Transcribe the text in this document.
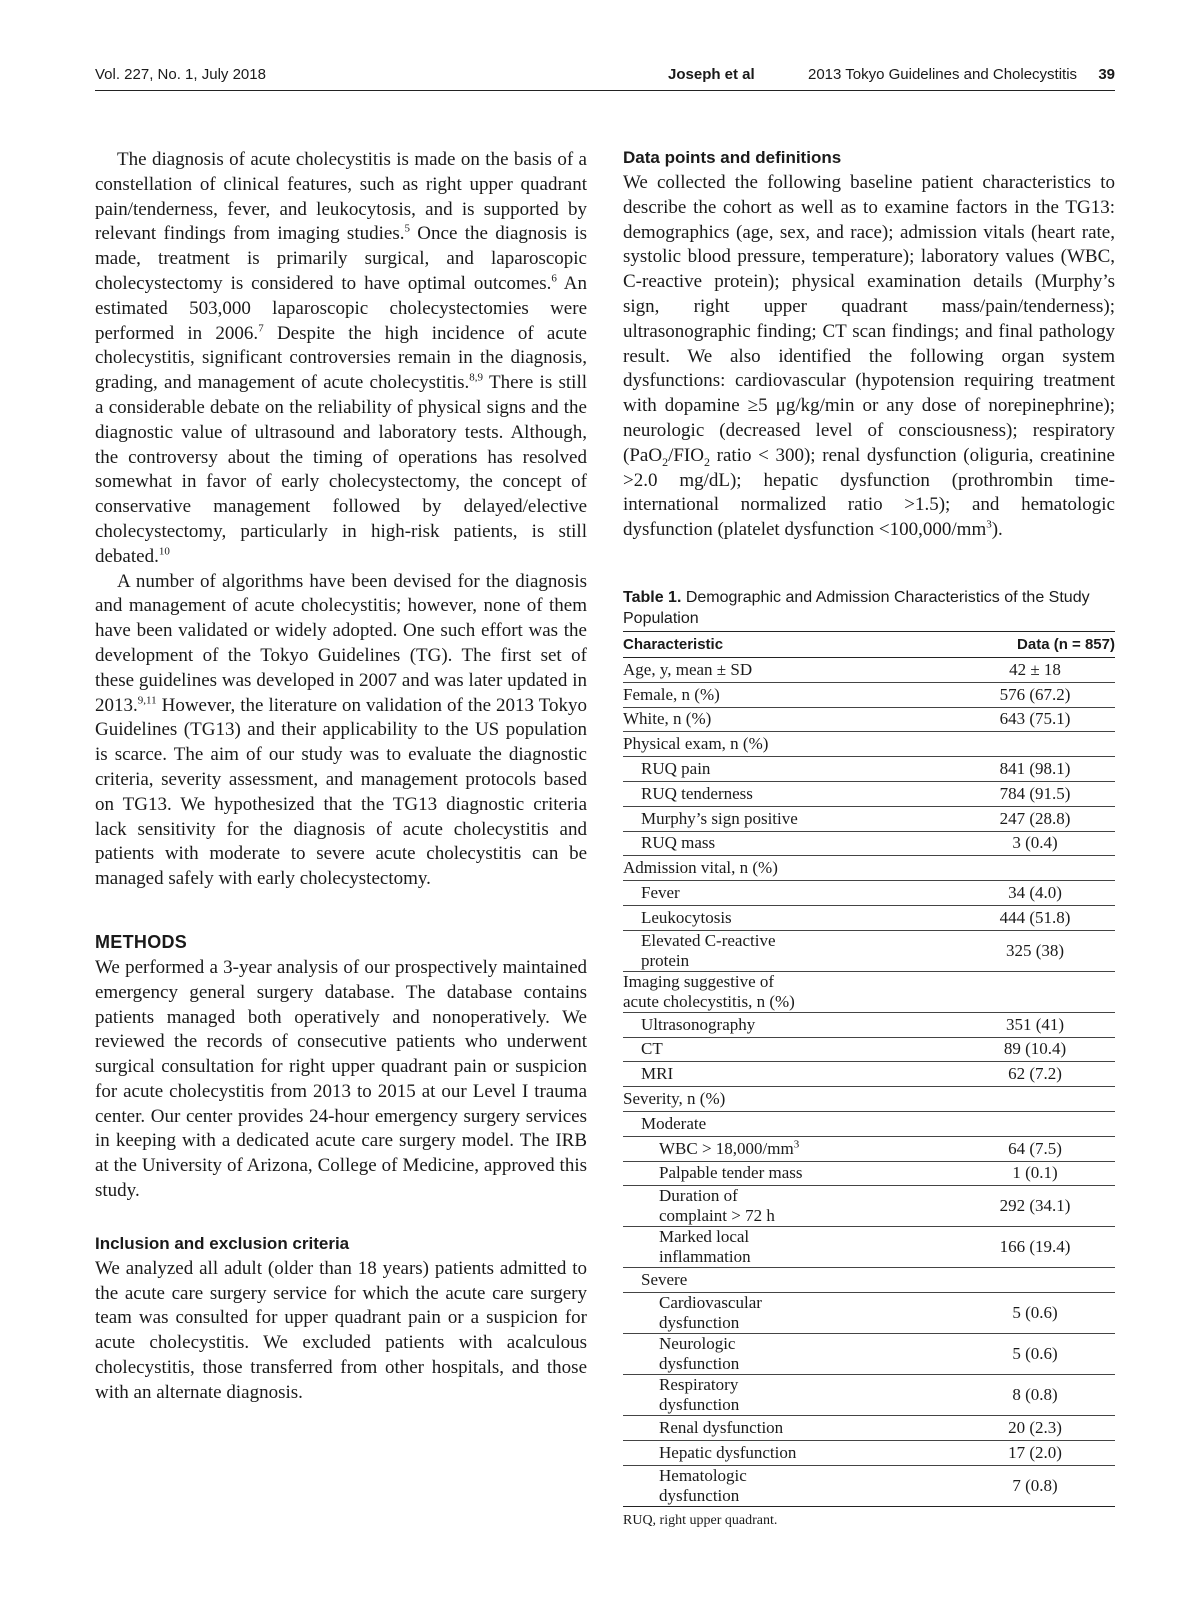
Vol. 227, No. 1, July 2018	Joseph et al	2013 Tokyo Guidelines and Cholecystitis 39

The diagnosis of acute cholecystitis is made on the basis of a constellation of clinical features, such as right upper quadrant pain/tenderness, fever, and leukocytosis, and is supported by relevant findings from imaging studies.$^5$ Once the diagnosis is made, treatment is primarily surgical, and laparoscopic cholecystectomy is considered to have optimal outcomes.$^6$ An estimated 503,000 laparoscopic cholecystectomies were performed in 2006.$^7$ Despite the high incidence of acute cholecystitis, significant controversies remain in the diagnosis, grading, and management of acute cholecystitis.$^{8,9}$ There is still a considerable debate on the reliability of physical signs and the diagnostic value of ultrasound and laboratory tests. Although, the controversy about the timing of operations has resolved somewhat in favor of early cholecystectomy, the concept of conservative management followed by delayed/elective cholecystectomy, particularly in high-risk patients, is still debated.$^{10}$

A number of algorithms have been devised for the diagnosis and management of acute cholecystitis; however, none of them have been validated or widely adopted. One such effort was the development of the Tokyo Guidelines (TG). The first set of these guidelines was developed in 2007 and was later updated in 2013.$^{9,11}$ However, the literature on validation of the 2013 Tokyo Guidelines (TG13) and their applicability to the US population is scarce. The aim of our study was to evaluate the diagnostic criteria, severity assessment, and management protocols based on TG13. We hypothesized that the TG13 diagnostic criteria lack sensitivity for the diagnosis of acute cholecystitis and patients with moderate to severe acute cholecystitis can be managed safely with early cholecystectomy.

METHODS

We performed a 3-year analysis of our prospectively maintained emergency general surgery database. The database contains patients managed both operatively and nonoperatively. We reviewed the records of consecutive patients who underwent surgical consultation for right upper quadrant pain or suspicion for acute cholecystitis from 2013 to 2015 at our Level I trauma center. Our center provides 24-hour emergency surgery services in keeping with a dedicated acute care surgery model. The IRB at the University of Arizona, College of Medicine, approved this study.

Inclusion and exclusion criteria

We analyzed all adult (older than 18 years) patients admitted to the acute care surgery service for which the acute care surgery team was consulted for upper quadrant pain or a suspicion for acute cholecystitis. We excluded patients with acalculous cholecystitis, those transferred from other hospitals, and those with an alternate diagnosis.

Data points and definitions

We collected the following baseline patient characteristics to describe the cohort as well as to examine factors in the TG13: demographics (age, sex, and race); admission vitals (heart rate, systolic blood pressure, temperature); laboratory values (WBC, C-reactive protein); physical examination details (Murphy’s sign, right upper quadrant mass/pain/tenderness); ultrasonographic finding; CT scan findings; and final pathology result. We also identified the following organ system dysfunctions: cardiovascular (hypotension requiring treatment with dopamine ≥5 μg/kg/min or any dose of norepinephrine); neurologic (decreased level of consciousness); respiratory ($PaO_2/FIO_2$ ratio < 300); renal dysfunction (oliguria, creatinine >2.0 mg/dL); hepatic dysfunction (prothrombin time-international normalized ratio >1.5); and hematologic dysfunction (platelet dysfunction $<100,000/mm^3$).

Table 1. Demographic and Admission Characteristics of the Study Population

Characteristic	Data (n = 857)
Age, y, mean ± SD	42 ± 18
Female, n (%)	576 (67.2)
White, n (%)	643 (75.1)
Physical exam, n (%)	
RUQ pain	841 (98.1)
RUQ tenderness	784 (91.5)
Murphy’s sign positive	247 (28.8)
RUQ mass	3 (0.4)
Admission vital, n (%)	
Fever	34 (4.0)
Leukocytosis	444 (51.8)
Elevated C-reactive protein	325 (38)
Imaging suggestive of acute cholecystitis, n (%)	
Ultrasonography	351 (41)
CT	89 (10.4)
MRI	62 (7.2)
Severity, n (%)	
Moderate	
WBC > $18,000/mm^3$	64 (7.5)
Palpable tender mass	1 (0.1)
Duration of complaint > 72 h	292 (34.1)
Marked local inflammation	166 (19.4)
Severe	
Cardiovascular dysfunction	5 (0.6)
Neurologic dysfunction	5 (0.6)
Respiratory dysfunction	8 (0.8)
Renal dysfunction	20 (2.3)
Hepatic dysfunction	17 (2.0)
Hematologic dysfunction	7 (0.8)
RUQ, right upper quadrant.
